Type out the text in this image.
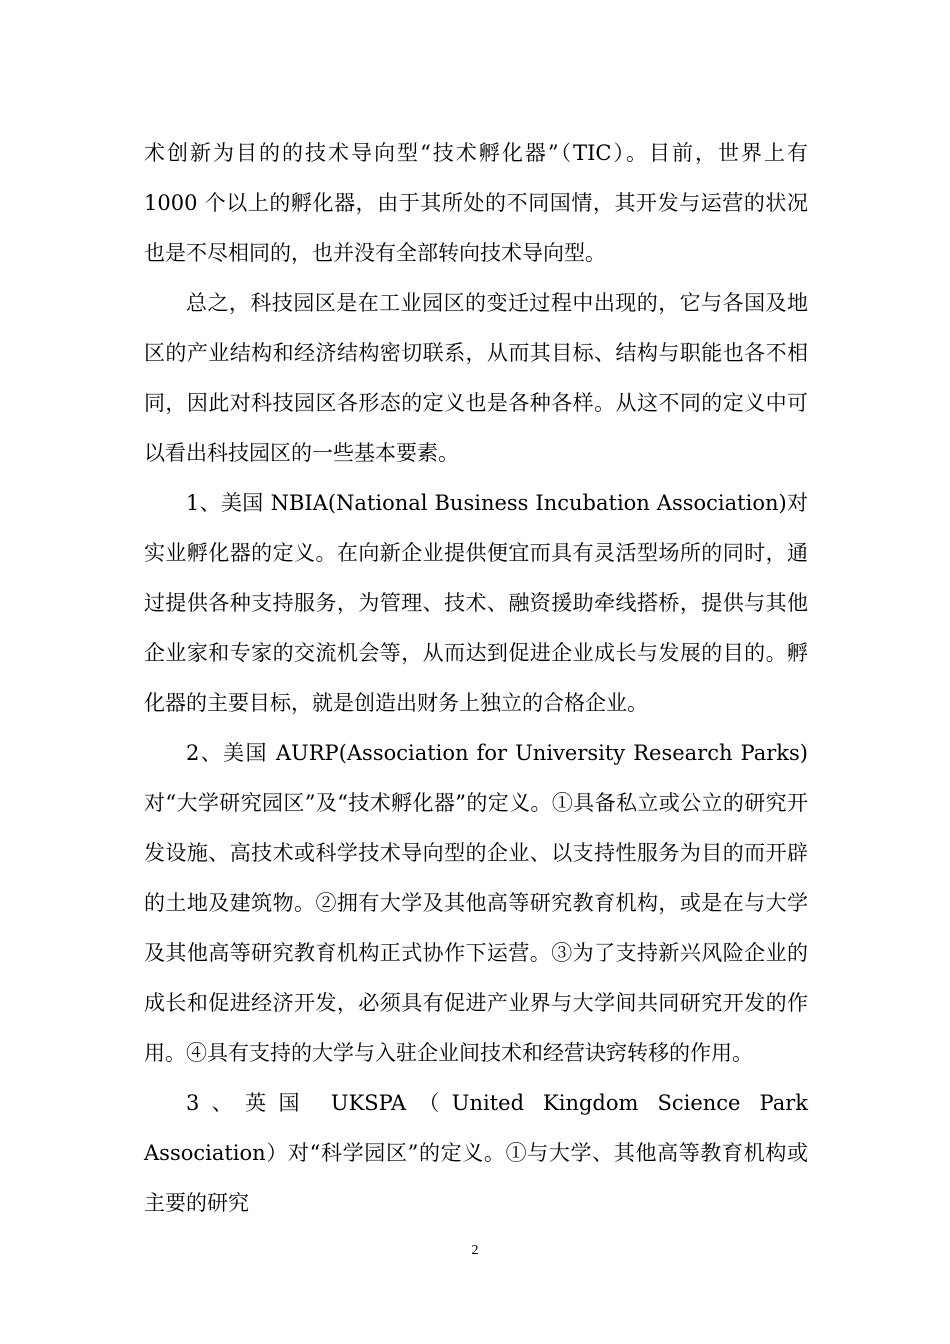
术创新为目的的技术导向型“技术孵化器”（TIC）。目前，世界上有 1000 个以上的孵化器，由于其所处的不同国情，其开发与运营的状况也是不尽相同的，也并没有全部转向技术导向型。

总之，科技园区是在工业园区的变迁过程中出现的，它与各国及地区的产业结构和经济结构密切联系，从而其目标、结构与职能也各不相同，因此对科技园区各形态的定义也是各种各样。从这不同的定义中可以看出科技园区的一些基本要素。

1、美国 NBIA(National Business Incubation Association)对实业孵化器的定义。在向新企业提供便宜而具有灵活型场所的同时，通过提供各种支持服务，为管理、技术、融资援助牵线搭桥，提供与其他企业家和专家的交流机会等，从而达到促进企业成长与发展的目的。孵化器的主要目标，就是创造出财务上独立的合格企业。

2、美国 AURP(Association for University Research Parks)对“大学研究园区”及“技术孵化器”的定义。①具备私立或公立的研究开发设施、高技术或科学技术导向型的企业、以支持性服务为目的而开辟的土地及建筑物。②拥有大学及其他高等研究教育机构，或是在与大学及其他高等研究教育机构正式协作下运营。③为了支持新兴风险企业的成长和促进经济开发，必须具有促进产业界与大学间共同研究开发的作用。④具有支持的大学与入驻企业间技术和经营诀窍转移的作用。

3、英国 UKSPA（United Kingdom Science Park Association）对“科学园区”的定义。①与大学、其他高等教育机构或主要的研究

2
